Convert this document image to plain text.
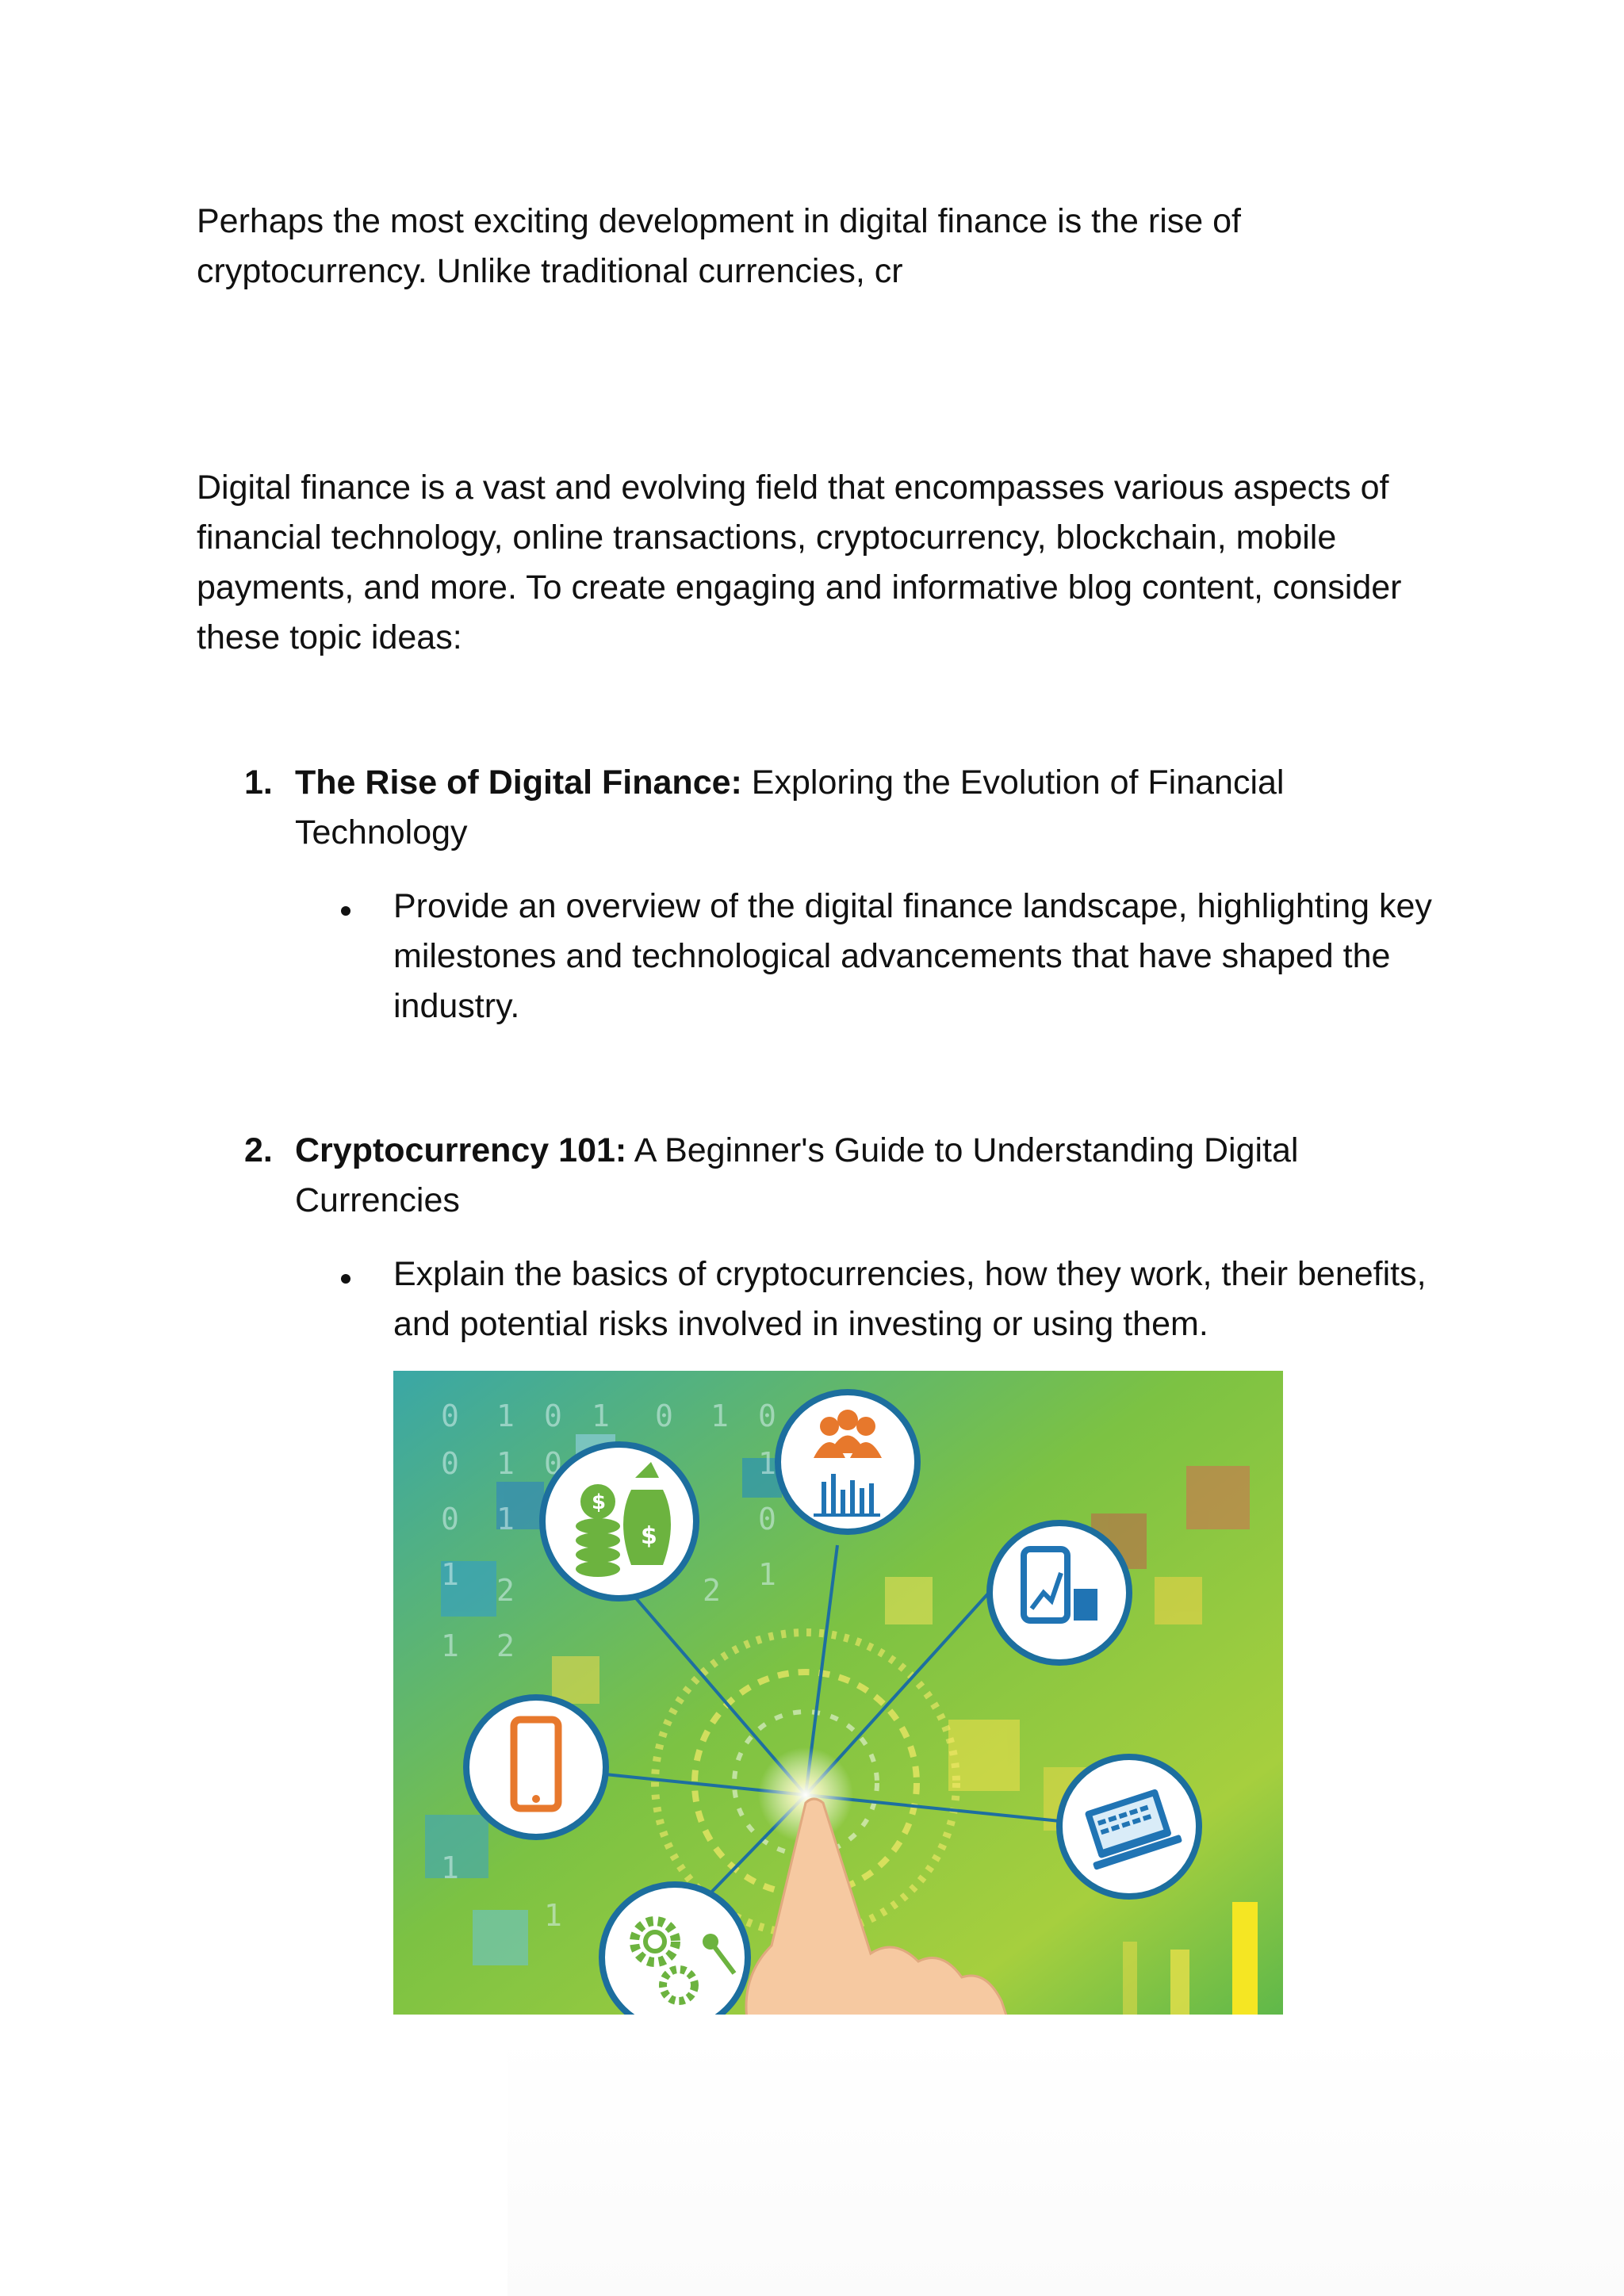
Perhaps the most exciting development in digital finance is the rise of cryptocurrency. Unlike traditional currencies, cr

Digital finance is a vast and evolving field that encompasses various aspects of financial technology, online transactions, cryptocurrency, blockchain, mobile payments, and more. To create engaging and informative blog content, consider these topic ideas:

1. The Rise of Digital Finance: Exploring the Evolution of Financial Technology

Provide an overview of the digital finance landscape, highlighting key milestones and technological advancements that have shaped the industry.

2. Cryptocurrency 101: A Beginner's Guide to Understanding Digital Currencies

Explain the basics of cryptocurrencies, how they work, their benefits, and potential risks involved in investing or using them.

0 1 0 1 0 1 0
0 1 0	1
0 1	0
1 2	2 1
1 2
1
1
$
$
